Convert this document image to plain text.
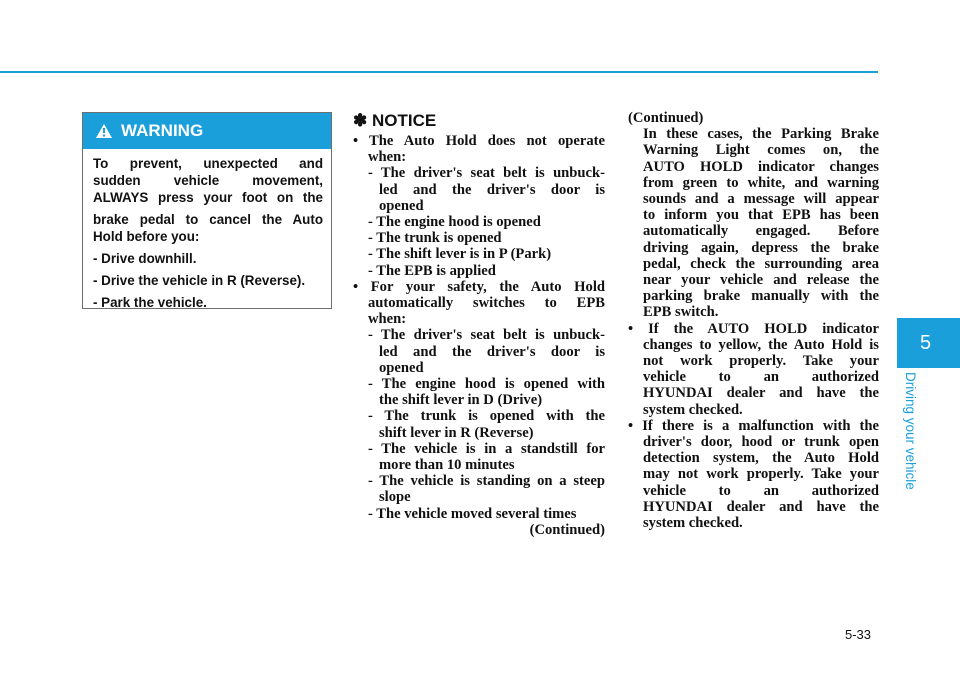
WARNING

To prevent, unexpected and
sudden vehicle movement,
ALWAYS press your foot on the

brake pedal to cancel the Auto
Hold before you:

- Drive downhill.

- Drive the vehicle in R (Reverse).

- Park the vehicle.

✽ NOTICE
• The Auto Hold does not operate
when:
- The driver's seat belt is unbuck-
led and the driver's door is
opened
- The engine hood is opened
- The trunk is opened
- The shift lever is in P (Park)
- The EPB is applied
• For your safety, the Auto Hold
automatically switches to EPB
when:
- The driver's seat belt is unbuck-
led and the driver's door is
opened
- The engine hood is opened with
the shift lever in D (Drive)
- The trunk is opened with the
shift lever in R (Reverse)
- The vehicle is in a standstill for
more than 10 minutes
- The vehicle is standing on a steep
slope
- The vehicle moved several times
(Continued)
(Continued)
In these cases, the Parking Brake
Warning Light comes on, the
AUTO HOLD indicator changes
from green to white, and warning
sounds and a message will appear
to inform you that EPB has been
automatically engaged. Before
driving again, depress the brake
pedal, check the surrounding area
near your vehicle and release the
parking brake manually with the
EPB switch.
• If the AUTO HOLD indicator
changes to yellow, the Auto Hold is
not work properly. Take your
vehicle to an authorized
HYUNDAI dealer and have the
system checked.
• If there is a malfunction with the
driver's door, hood or trunk open
detection system, the Auto Hold
may not work properly. Take your
vehicle to an authorized
HYUNDAI dealer and have the
system checked.
5
Driving your vehicle
5-33
